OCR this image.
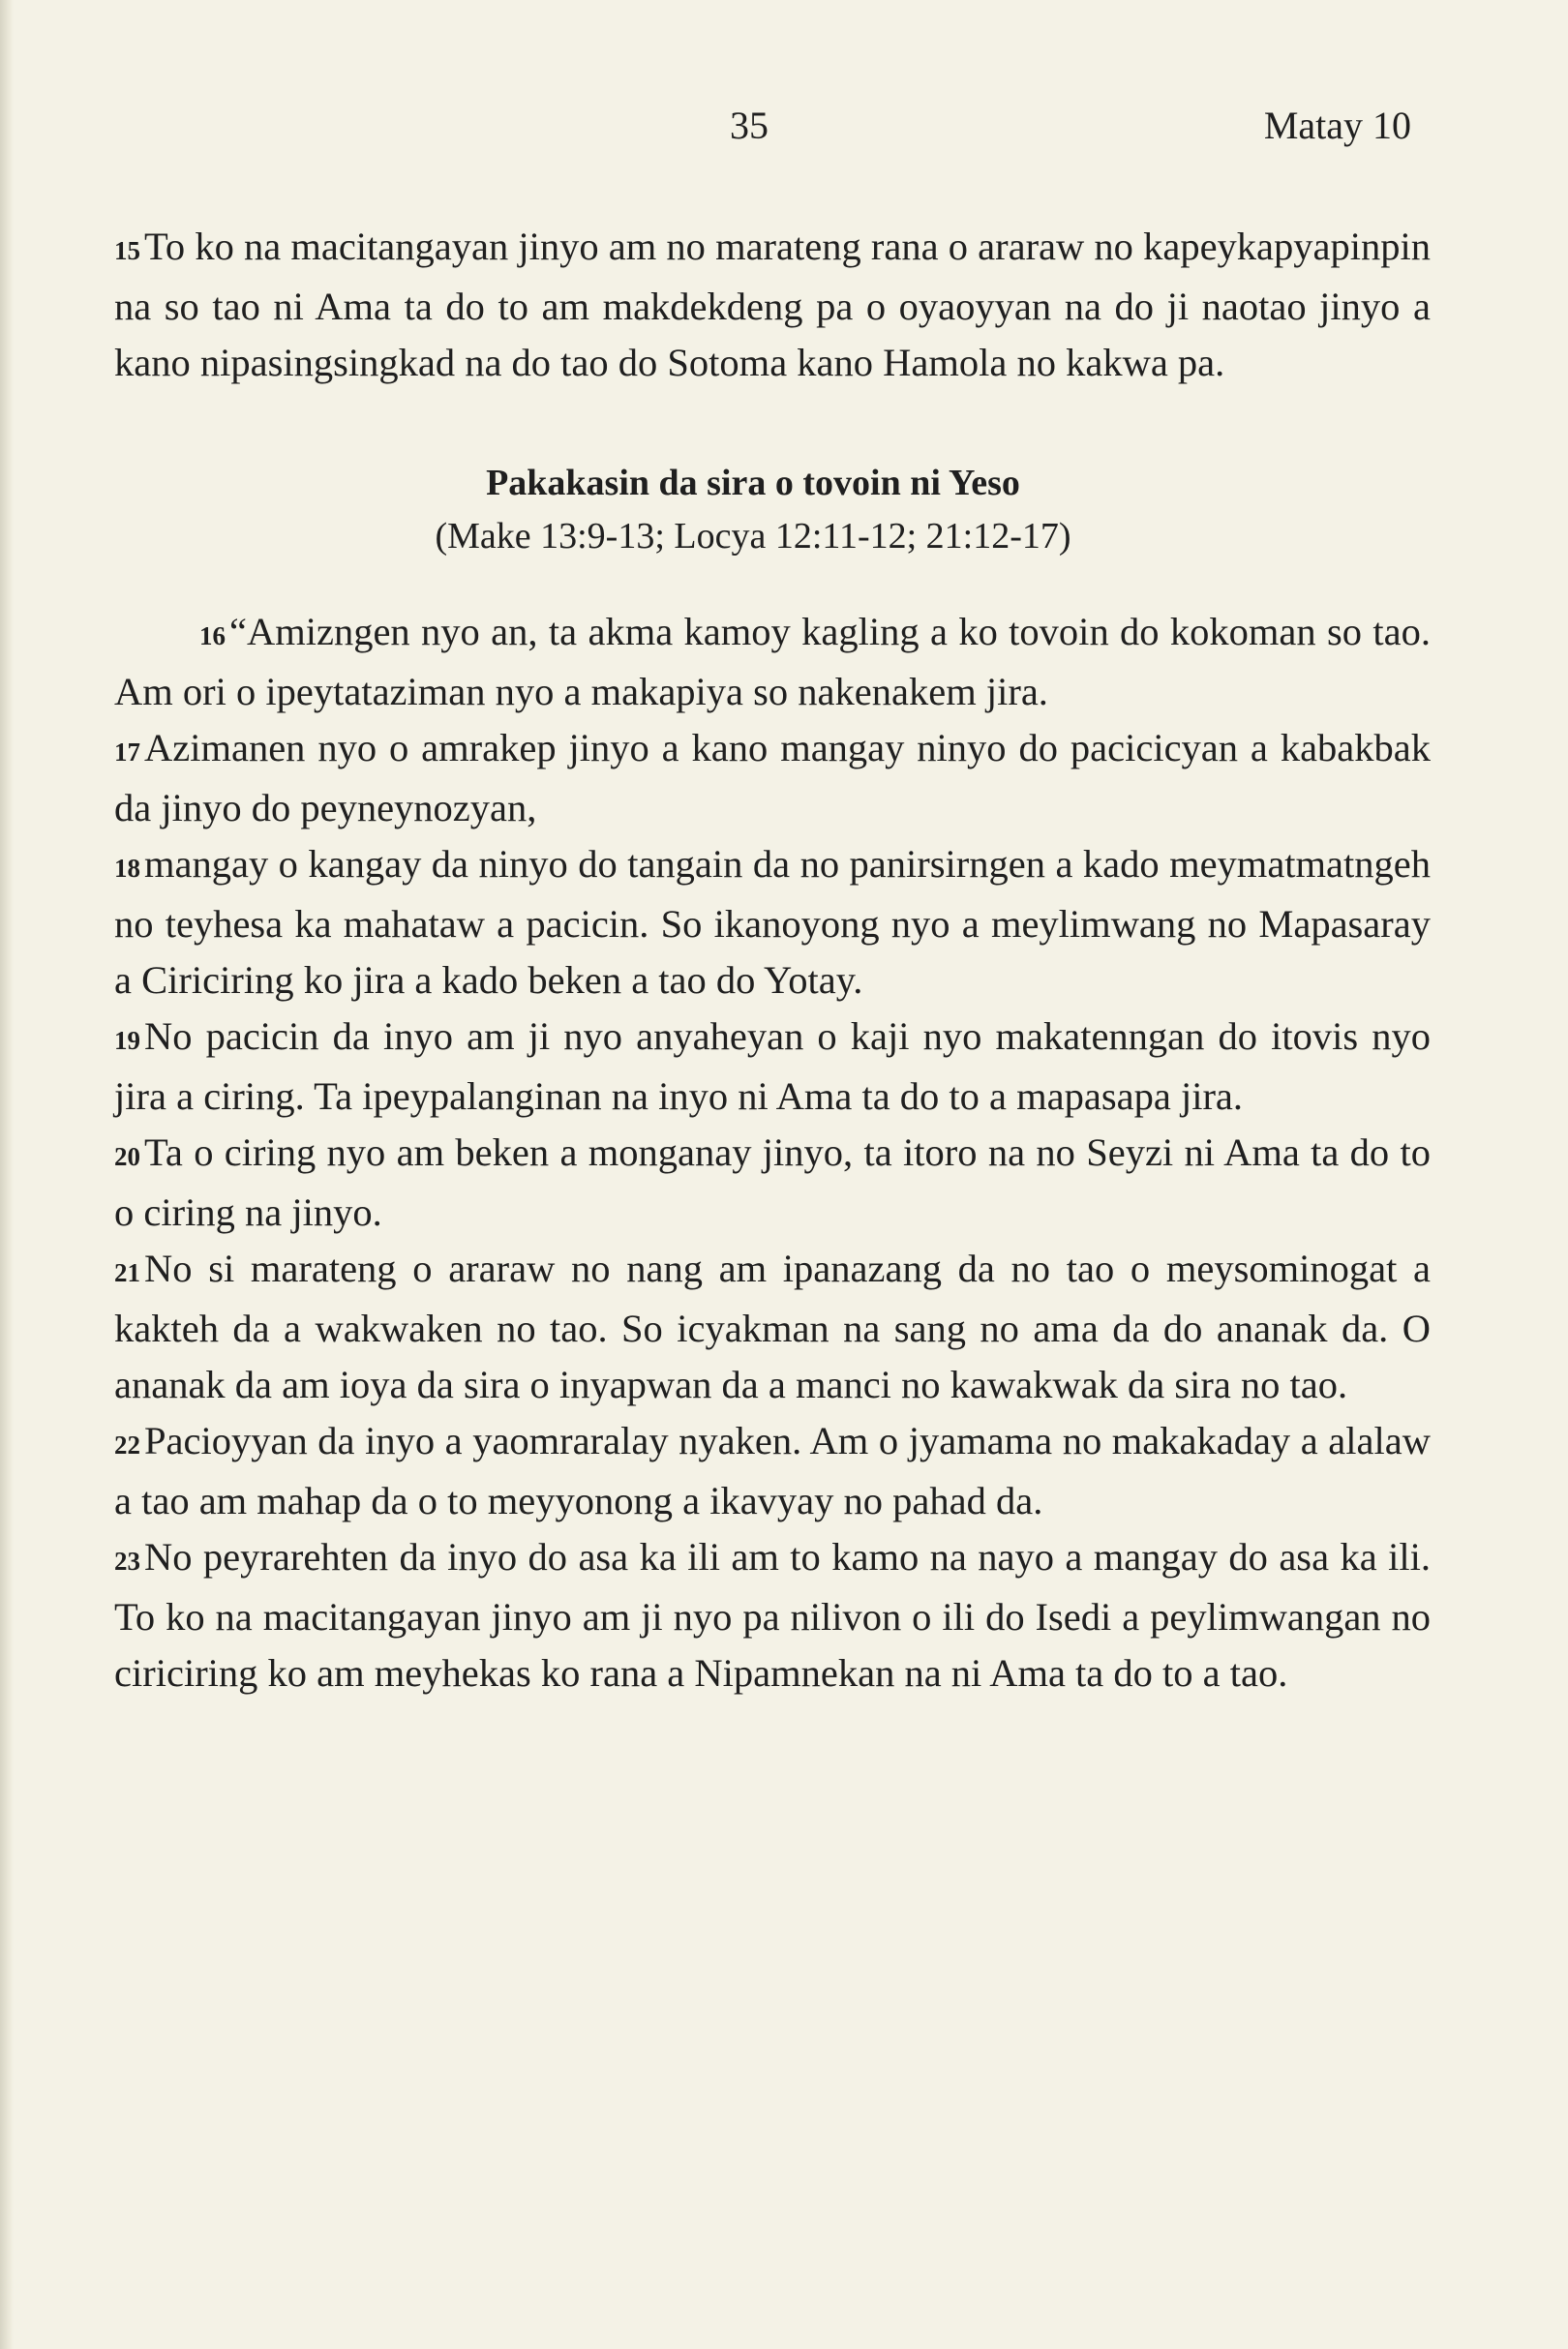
35	Matay 10

15To ko na macitangayan jinyo am no marateng rana o araraw no kapeykapyapinpin na so tao ni Ama ta do to am makdekdeng pa o oyaoyyan na do ji naotao jinyo a kano nipasingsingkad na do tao do Sotoma kano Hamola no kakwa pa.

Pakakasin da sira o tovoin ni Yeso
(Make 13:9-13; Locya 12:11-12; 21:12-17)

16“Amizngen nyo an, ta akma kamoy kagling a ko tovoin do kokoman so tao. Am ori o ipeytataziman nyo a makapiya so nakenakem jira.

17Azimanen nyo o amrakep jinyo a kano mangay ninyo do pacicicyan a kabakbak da jinyo do peyneynozyan,

18mangay o kangay da ninyo do tangain da no panirsirngen a kado meymatmatngeh no teyhesa ka mahataw a pacicin. So ikanoyong nyo a meylimwang no Mapasaray a Ciriciring ko jira a kado beken a tao do Yotay.

19No pacicin da inyo am ji nyo anyaheyan o kaji nyo makatenngan do itovis nyo jira a ciring. Ta ipeypalanginan na inyo ni Ama ta do to a mapasapa jira.

20Ta o ciring nyo am beken a monganay jinyo, ta itoro na no Seyzi ni Ama ta do to o ciring na jinyo.

21No si marateng o araraw no nang am ipanazang da no tao o meysominogat a kakteh da a wakwaken no tao. So icyakman na sang no ama da do ananak da. O ananak da am ioya da sira o inyapwan da a manci no kawakwak da sira no tao.

22Pacioyyan da inyo a yaomraralay nyaken. Am o jyamama no makakaday a alalaw a tao am mahap da o to meyyonong a ikavyay no pahad da.

23No peyrarehten da inyo do asa ka ili am to kamo na nayo a mangay do asa ka ili. To ko na macitangayan jinyo am ji nyo pa nilivon o ili do Isedi a peylimwangan no ciriciring ko am meyhekas ko rana a Nipamnekan na ni Ama ta do to a tao.
